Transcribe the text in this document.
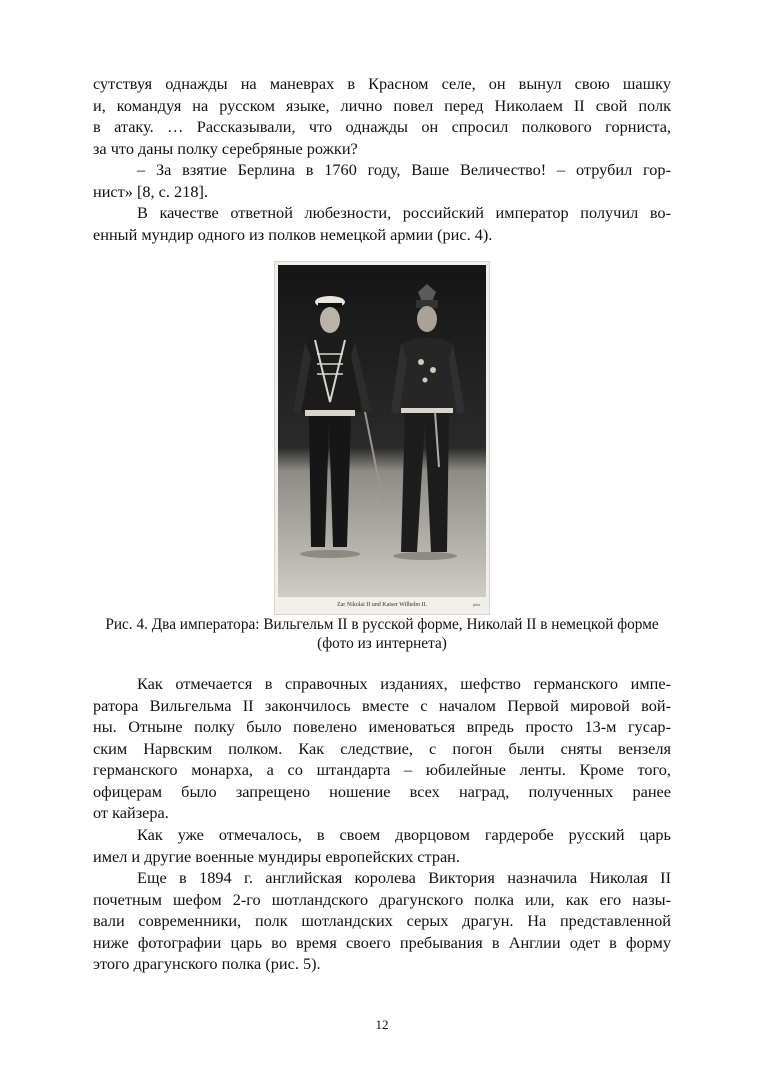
сутствуя однажды на маневрах в Красном селе, он вынул свою шашку
и, командуя на русском языке, лично повел перед Николаем II свой полк
в атаку. … Рассказывали, что однажды он спросил полкового горниста,
за что даны полку серебряные рожки?
– За взятие Берлина в 1760 году, Ваше Величество! – отрубил гор-
нист» [8, с. 218].
В качестве ответной любезности, российский император получил во-
енный мундир одного из полков немецкой армии (рис. 4).
Zar Nikolai II und Kaiser Wilhelm II.	phot.
Рис. 4. Два императора: Вильгельм II в русской форме, Николай II в немецкой форме
(фото из интернета)
Как отмечается в справочных изданиях, шефство германского импе-
ратора Вильгельма II закончилось вместе с началом Первой мировой вой-
ны. Отныне полку было повелено именоваться впредь просто 13-м гусар-
ским Нарвским полком. Как следствие, с погон были сняты вензеля
германского монарха, а со штандарта – юбилейные ленты. Кроме того,
офицерам было запрещено ношение всех наград, полученных ранее
от кайзера.
Как уже отмечалось, в своем дворцовом гардеробе русский царь
имел и другие военные мундиры европейских стран.
Еще в 1894 г. английская королева Виктория назначила Николая II
почетным шефом 2-го шотландского драгунского полка или, как его назы-
вали современники, полк шотландских серых драгун. На представленной
ниже фотографии царь во время своего пребывания в Англии одет в форму
этого драгунского полка (рис. 5).
12
